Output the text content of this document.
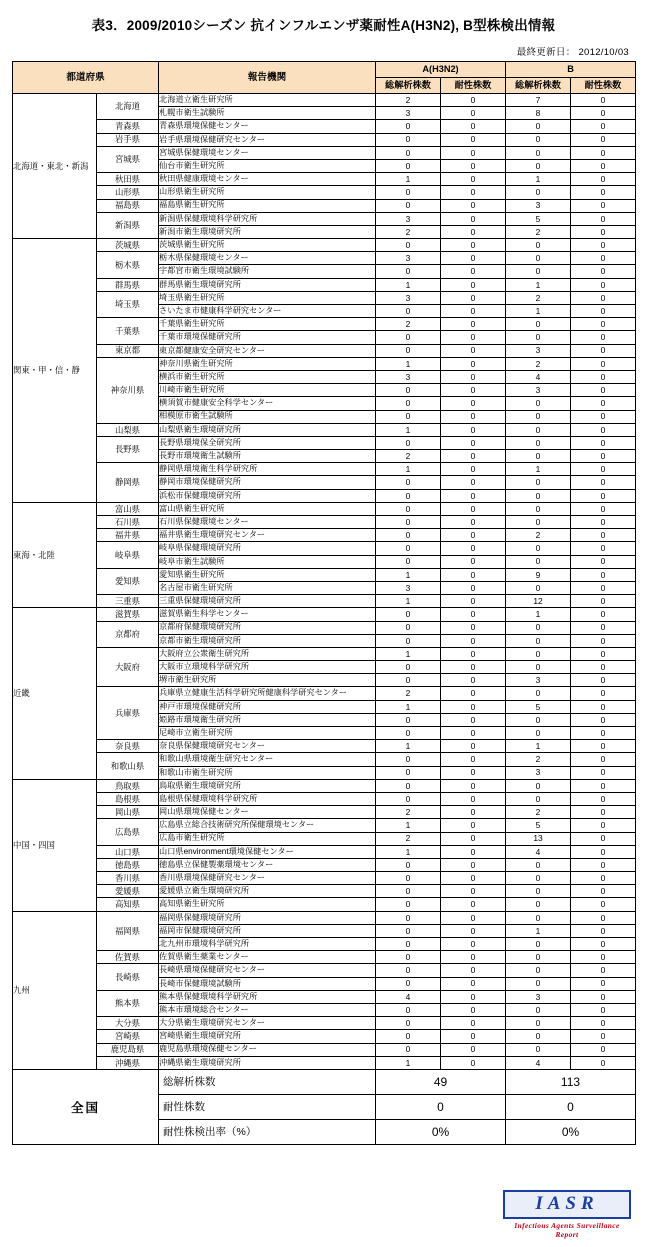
表3．2009/2010シーズン 抗インフルエンザ薬耐性A(H3N2), B型株検出情報
最終更新日： 2012/10/03
都道府県		報告機関	A(H3N2)		B	
			総解析株数	耐性株数	総解析株数	耐性株数
北海道・東北・新潟	北海道	北海道立衛生研究所	2	0	7	0
		札幌市衛生試験所	3	0	8	0
	青森県	青森県環境保健センター	0	0	0	0
	岩手県	岩手県環境保健研究センター	0	0	0	0
	宮城県	宮城県保健環境センター	0	0	0	0
		仙台市衛生研究所	0	0	0	0
	秋田県	秋田県健康環境センター	1	0	1	0
	山形県	山形県衛生研究所	0	0	0	0
	福島県	福島県衛生研究所	0	0	3	0
	新潟県	新潟県保健環境科学研究所	3	0	5	0
		新潟市衛生環境研究所	2	0	2	0
関東・甲・信・静	茨城県	茨城県衛生研究所	0	0	0	0
	栃木県	栃木県保健環境センター	3	0	0	0
		宇都宮市衛生環境試験所	0	0	0	0
	群馬県	群馬県衛生環境研究所	1	0	1	0
	埼玉県	埼玉県衛生研究所	3	0	2	0
		さいたま市健康科学研究センター	0	0	1	0
	千葉県	千葉県衛生研究所	2	0	0	0
		千葉市環境保健研究所	0	0	0	0
	東京都	東京都健康安全研究センター	0	0	3	0
	神奈川県	神奈川県衛生研究所	1	0	2	0
		横浜市衛生研究所	3	0	4	0
		川崎市衛生研究所	0	0	3	0
		横須賀市健康安全科学センター	0	0	0	0
		相模原市衛生試験所	0	0	0	0
	山梨県	山梨県衛生環境研究所	1	0	0	0
	長野県	長野県環境保全研究所	0	0	0	0
		長野市環境衛生試験所	2	0	0	0
	静岡県	静岡県環境衛生科学研究所	1	0	1	0
		静岡市環境保健研究所	0	0	0	0
		浜松市保健環境研究所	0	0	0	0
東海・北陸	富山県	富山県衛生研究所	0	0	0	0
	石川県	石川県保健環境センター	0	0	0	0
	福井県	福井県衛生環境研究センター	0	0	2	0
	岐阜県	岐阜県保健環境研究所	0	0	0	0
		岐阜市衛生試験所	0	0	0	0
	愛知県	愛知県衛生研究所	1	0	9	0
		名古屋市衛生研究所	3	0	0	0
	三重県	三重県保健環境研究所	1	0	12	0
近畿	滋賀県	滋賀県衛生科学センター	0	0	1	0
	京都府	京都府保健環境研究所	0	0	0	0
		京都市衛生環境研究所	0	0	0	0
	大阪府	大阪府立公衆衛生研究所	1	0	0	0
		大阪市立環境科学研究所	0	0	0	0
		堺市衛生研究所	0	0	3	0
	兵庫県	兵庫県立健康生活科学研究所健康科学研究センター	2	0	0	0
		神戸市環境保健研究所	1	0	5	0
		姫路市環境衛生研究所	0	0	0	0
		尼崎市立衛生研究所	0	0	0	0
	奈良県	奈良県保健環境研究センター	1	0	1	0
	和歌山県	和歌山県環境衛生研究センター	0	0	2	0
		和歌山市衛生研究所	0	0	3	0
中国・四国	鳥取県	鳥取県衛生環境研究所	0	0	0	0
	島根県	島根県保健環境科学研究所	0	0	0	0
	岡山県	岡山県環境保健センター	2	0	2	0
	広島県	広島県立総合技術研究所保健環境センター	1	0	5	0
		広島市衛生研究所	2	0	13	0
	山口県	山口県environment環境保健センター	1	0	4	0
	徳島県	徳島県立保健製薬環境センター	0	0	0	0
	香川県	香川県環境保健研究センター	0	0	0	0
	愛媛県	愛媛県立衛生環境研究所	0	0	0	0
	高知県	高知県衛生研究所	0	0	0	0
九州	福岡県	福岡県保健環境研究所	0	0	0	0
		福岡市保健環境研究所	0	0	1	0
		北九州市環境科学研究所	0	0	0	0
	佐賀県	佐賀県衛生薬業センター	0	0	0	0
	長崎県	長崎県環境保健研究センター	0	0	0	0
		長崎市保健環境試験所	0	0	0	0
	熊本県	熊本県保健環境科学研究所	4	0	3	0
		熊本市環境総合センター	0	0	0	0
	大分県	大分県衛生環境研究センター	0	0	0	0
	宮崎県	宮崎県衛生環境研究所	0	0	0	0
	鹿児島県	鹿児島県環境保健センター	0	0	0	0
	沖縄県	沖縄県衛生環境研究所	1	0	4	0
全国	総解析株数	49	113
	耐性株数	0	0
	耐性株検出率（%）	0%	0%
IASR
Infectious Agents Surveillance Report
